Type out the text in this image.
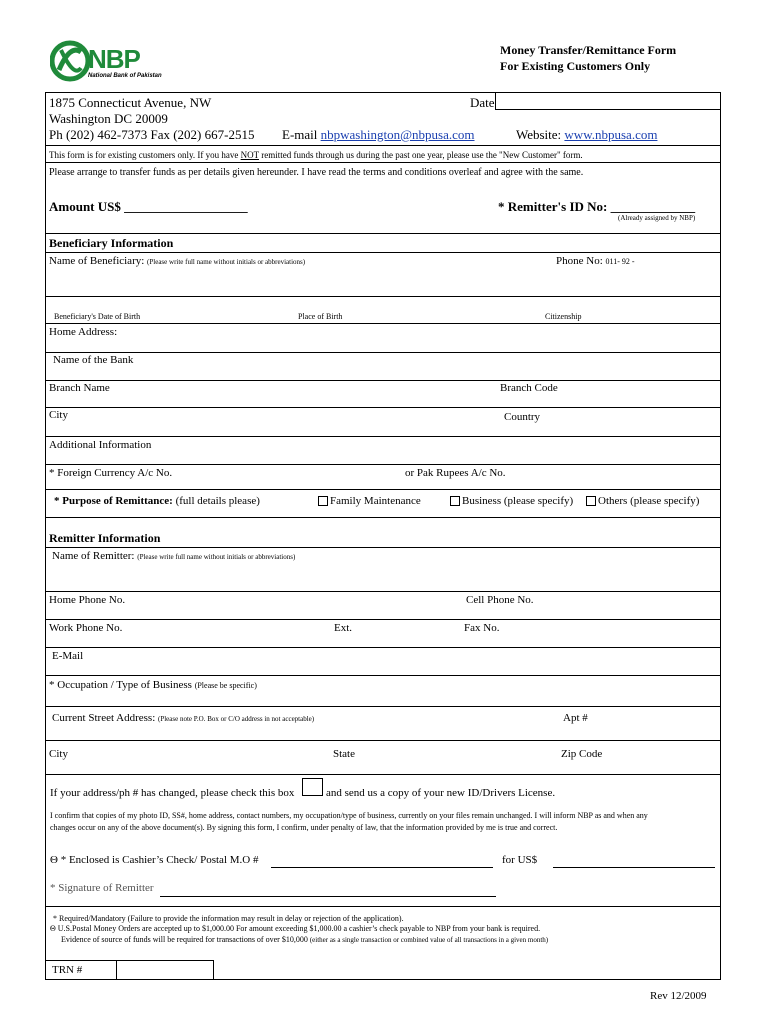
NBP
National Bank of Pakistan
Money Transfer/Remittance Form
For Existing Customers Only
1875 Connecticut Avenue, NW
Washington DC 20009
Ph (202) 462-7373 Fax (202) 667-2515 E-mail nbpwashington@nbpusa.com	Website: www.nbpusa.com
Date
This form is for existing customers only. If you have NOT remitted funds through us during the past one year, please use the "New Customer" form.
Please arrange to transfer funds as per details given hereunder. I have read the terms and conditions overleaf and agree with the same.
Amount US$ ___________________	* Remitter's ID No: _____________
(Already assigned by NBP)
Beneficiary Information
Name of Beneficiary: (Please write full name without initials or abbreviations)	Phone No: 011- 92 -
Beneficiary's Date of Birth	Place of Birth	Citizenship
Home Address:
Name of the Bank
Branch Name	Branch Code
City	Country
Additional Information
* Foreign Currency A/c No.	or Pak Rupees A/c No.
* Purpose of Remittance: (full details please)	Family Maintenance	Business (please specify) Others (please specify)
Remitter Information
Name of Remitter: (Please write full name without initials or abbreviations)
Home Phone No.	Cell Phone No.
Work Phone No.	Ext.	Fax No.
E-Mail
* Occupation / Type of Business (Please be specific)
Current Street Address: (Please note P.O. Box or C/O address in not acceptable)	Apt #
City	State	Zip Code
If your address/ph # has changed, please check this box	and send us a copy of your new ID/Drivers License.
I confirm that copies of my photo ID, SS#, home address, contact numbers, my occupation/type of business, currently on your files remain unchanged. I will inform NBP as and when any
changes occur on any of the above document(s). By signing this form, I confirm, under penalty of law, that the information provided by me is true and correct.
Θ * Enclosed is Cashier’s Check/ Postal M.O #	for US$
* Signature of Remitter
* Required/Mandatory (Failure to provide the information may result in delay or rejection of the application).
Θ U.S.Postal Money Orders are accepted up to $1,000.00 For amount exceeding $1,000.00 a cashier’s check payable to NBP from your bank is required.
Evidence of source of funds will be required for transactions of over $10,000 (either as a single transaction or combined value of all transactions in a given month)
TRN #
Rev 12/2009
